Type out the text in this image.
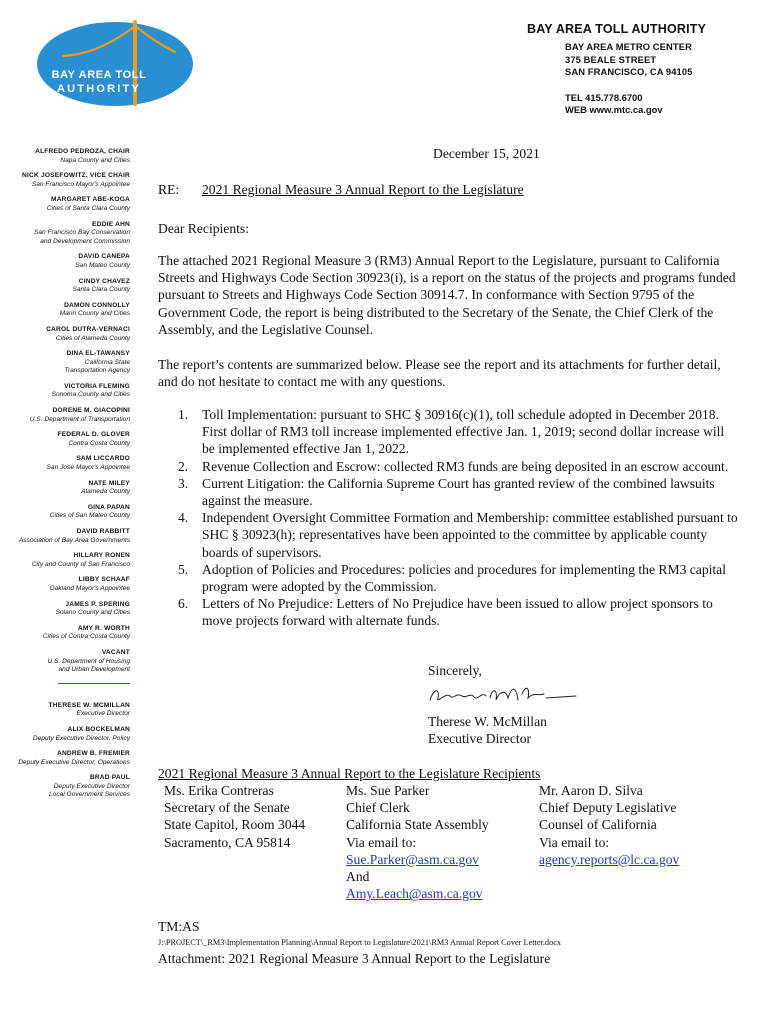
BAY AREA TOLL
AUTHORITY
BAY AREA TOLL AUTHORITY
BAY AREA METRO CENTER
375 BEALE STREET
SAN FRANCISCO, CA 94105
TEL 415.778.6700
WEB www.mtc.ca.gov
ALFREDO PEDROZA, CHAIR
Napa County and Cities
NICK JOSEFOWITZ, VICE CHAIR
San Francisco Mayor's Appointee
MARGARET ABE-KOGA
Cities of Santa Clara County
EDDIE AHN
San Francisco Bay Conservation
and Development Commission
DAVID CANEPA
San Mateo County
CINDY CHAVEZ
Santa Clara County
DAMON CONNOLLY
Marin County and Cities
CAROL DUTRA-VERNACI
Cities of Alameda County
DINA EL-TAWANSY
California State
Transportation Agency
VICTORIA FLEMING
Sonoma County and Cities
DORENE M. GIACOPINI
U.S. Department of Transportation
FEDERAL D. GLOVER
Contra Costa County
SAM LICCARDO
San Jose Mayor's Appointee
NATE MILEY
Alameda County
GINA PAPAN
Cities of San Mateo County
DAVID RABBITT
Association of Bay Area Governments
HILLARY RONEN
City and County of San Francisco
LIBBY SCHAAF
Oakland Mayor's Appointee
JAMES P. SPERING
Solano County and Cities
AMY R. WORTH
Cities of Contra Costa County
VACANT
U.S. Department of Housing
and Urban Development
THERESE W. MCMILLAN
Executive Director
ALIX BOCKELMAN
Deputy Executive Director, Policy
ANDREW B. FREMIER
Deputy Executive Director, Operations
BRAD PAUL
Deputy Executive Director
Local Government Services
December 15, 2021
RE: 2021 Regional Measure 3 Annual Report to the Legislature
Dear Recipients:
The attached 2021 Regional Measure 3 (RM3) Annual Report to the Legislature, pursuant to California Streets and Highways Code Section 30923(i), is a report on the status of the projects and programs funded pursuant to Streets and Highways Code Section 30914.7. In conformance with Section 9795 of the Government Code, the report is being distributed to the Secretary of the Senate, the Chief Clerk of the Assembly, and the Legislative Counsel.
The report’s contents are summarized below. Please see the report and its attachments for further detail, and do not hesitate to contact me with any questions.
1. Toll Implementation: pursuant to SHC § 30916(c)(1), toll schedule adopted in December 2018. First dollar of RM3 toll increase implemented effective Jan. 1, 2019; second dollar increase will be implemented effective Jan 1, 2022.
2. Revenue Collection and Escrow: collected RM3 funds are being deposited in an escrow account.
3. Current Litigation: the California Supreme Court has granted review of the combined lawsuits against the measure.
4. Independent Oversight Committee Formation and Membership: committee established pursuant to SHC § 30923(h); representatives have been appointed to the committee by applicable county boards of supervisors.
5. Adoption of Policies and Procedures: policies and procedures for implementing the RM3 capital program were adopted by the Commission.
6. Letters of No Prejudice: Letters of No Prejudice have been issued to allow project sponsors to move projects forward with alternate funds.
Sincerely,
Therese W. McMillan
Executive Director
2021 Regional Measure 3 Annual Report to the Legislature Recipients
Ms. Erika Contreras
Secretary of the Senate
State Capitol, Room 3044
Sacramento, CA 95814
Ms. Sue Parker
Chief Clerk
California State Assembly
Via email to:
Sue.Parker@asm.ca.gov
And
Amy.Leach@asm.ca.gov
Mr. Aaron D. Silva
Chief Deputy Legislative
Counsel of California
Via email to:
agency.reports@lc.ca.gov
TM:AS
J:\PROJECT\_RM3\Implementation Planning\Annual Report to Legislature\2021\RM3 Annual Report Cover Letter.docx
Attachment: 2021 Regional Measure 3 Annual Report to the Legislature
